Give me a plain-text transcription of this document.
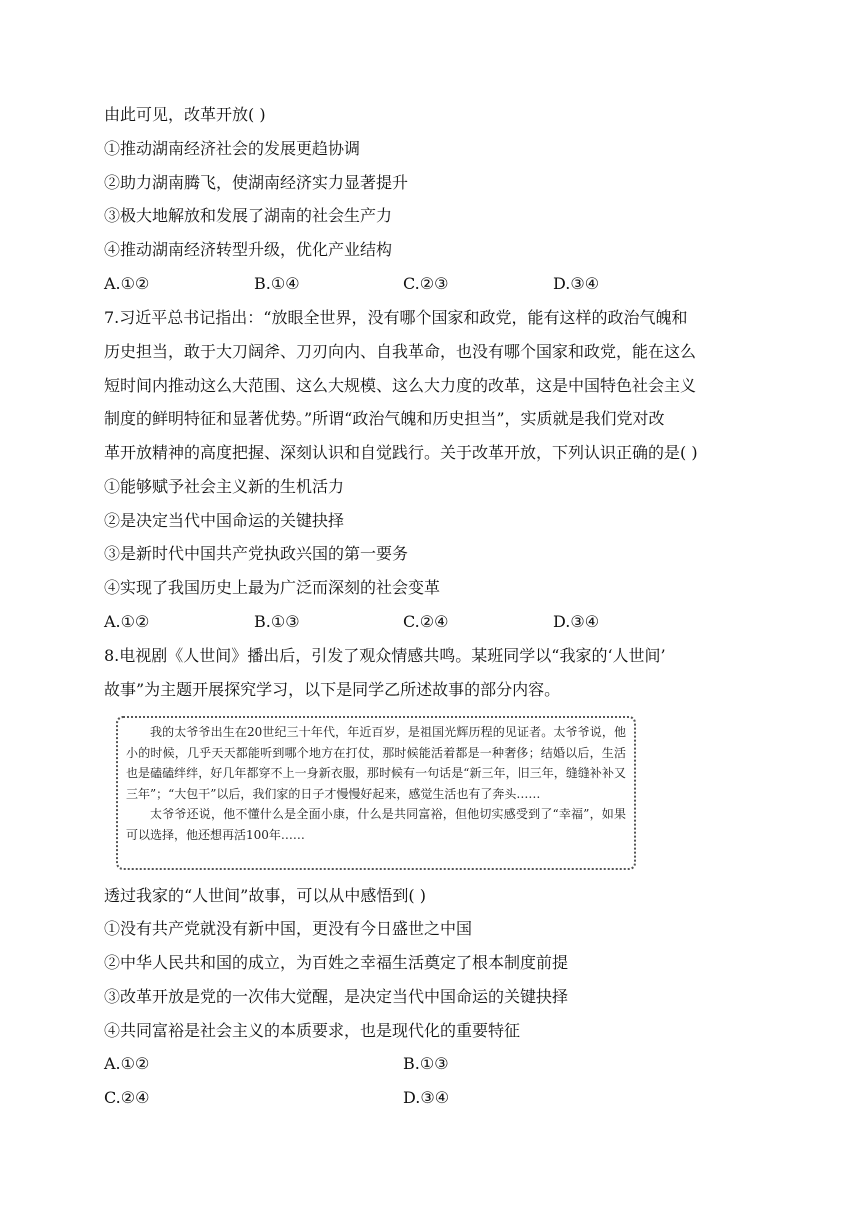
由此可见，改革开放( )
①推动湖南经济社会的发展更趋协调
②助力湖南腾飞，使湖南经济实力显著提升
③极大地解放和发展了湖南的社会生产力
④推动湖南经济转型升级，优化产业结构
A.①②	B.①④	C.②③	D.③④
7.习近平总书记指出：“放眼全世界，没有哪个国家和政党，能有这样的政治气魄和
历史担当，敢于大刀阔斧、刀刃向内、自我革命，也没有哪个国家和政党，能在这么
短时间内推动这么大范围、这么大规模、这么大力度的改革，这是中国特色社会主义
制度的鲜明特征和显著优势。”所谓“政治气魄和历史担当”，实质就是我们党对改
革开放精神的高度把握、深刻认识和自觉践行。关于改革开放，下列认识正确的是( )
①能够赋予社会主义新的生机活力
②是决定当代中国命运的关键抉择
③是新时代中国共产党执政兴国的第一要务
④实现了我国历史上最为广泛而深刻的社会变革
A.①②	B.①③	C.②④	D.③④
8.电视剧《人世间》播出后，引发了观众情感共鸣。某班同学以“我家的‘人世间’
故事”为主题开展探究学习，以下是同学乙所述故事的部分内容。

我的太爷爷出生在20世纪三十年代，年近百岁，是祖国光辉历程的见证者。太爷爷说，他小的时候，几乎天天都能听到哪个地方在打仗，那时候能活着都是一种奢侈；结婚以后，生活也是磕磕绊绊，好几年都穿不上一身新衣服，那时候有一句话是“新三年，旧三年，缝缝补补又三年”；“大包干”以后，我们家的日子才慢慢好起来，感觉生活也有了奔头……

太爷爷还说，他不懂什么是全面小康，什么是共同富裕，但他切实感受到了“幸福”，如果可以选择，他还想再活100年……

透过我家的“人世间”故事，可以从中感悟到( )
①没有共产党就没有新中国，更没有今日盛世之中国
②中华人民共和国的成立，为百姓之幸福生活奠定了根本制度前提
③改革开放是党的一次伟大觉醒，是决定当代中国命运的关键抉择
④共同富裕是社会主义的本质要求，也是现代化的重要特征
A.①②	B.①③
C.②④	D.③④
